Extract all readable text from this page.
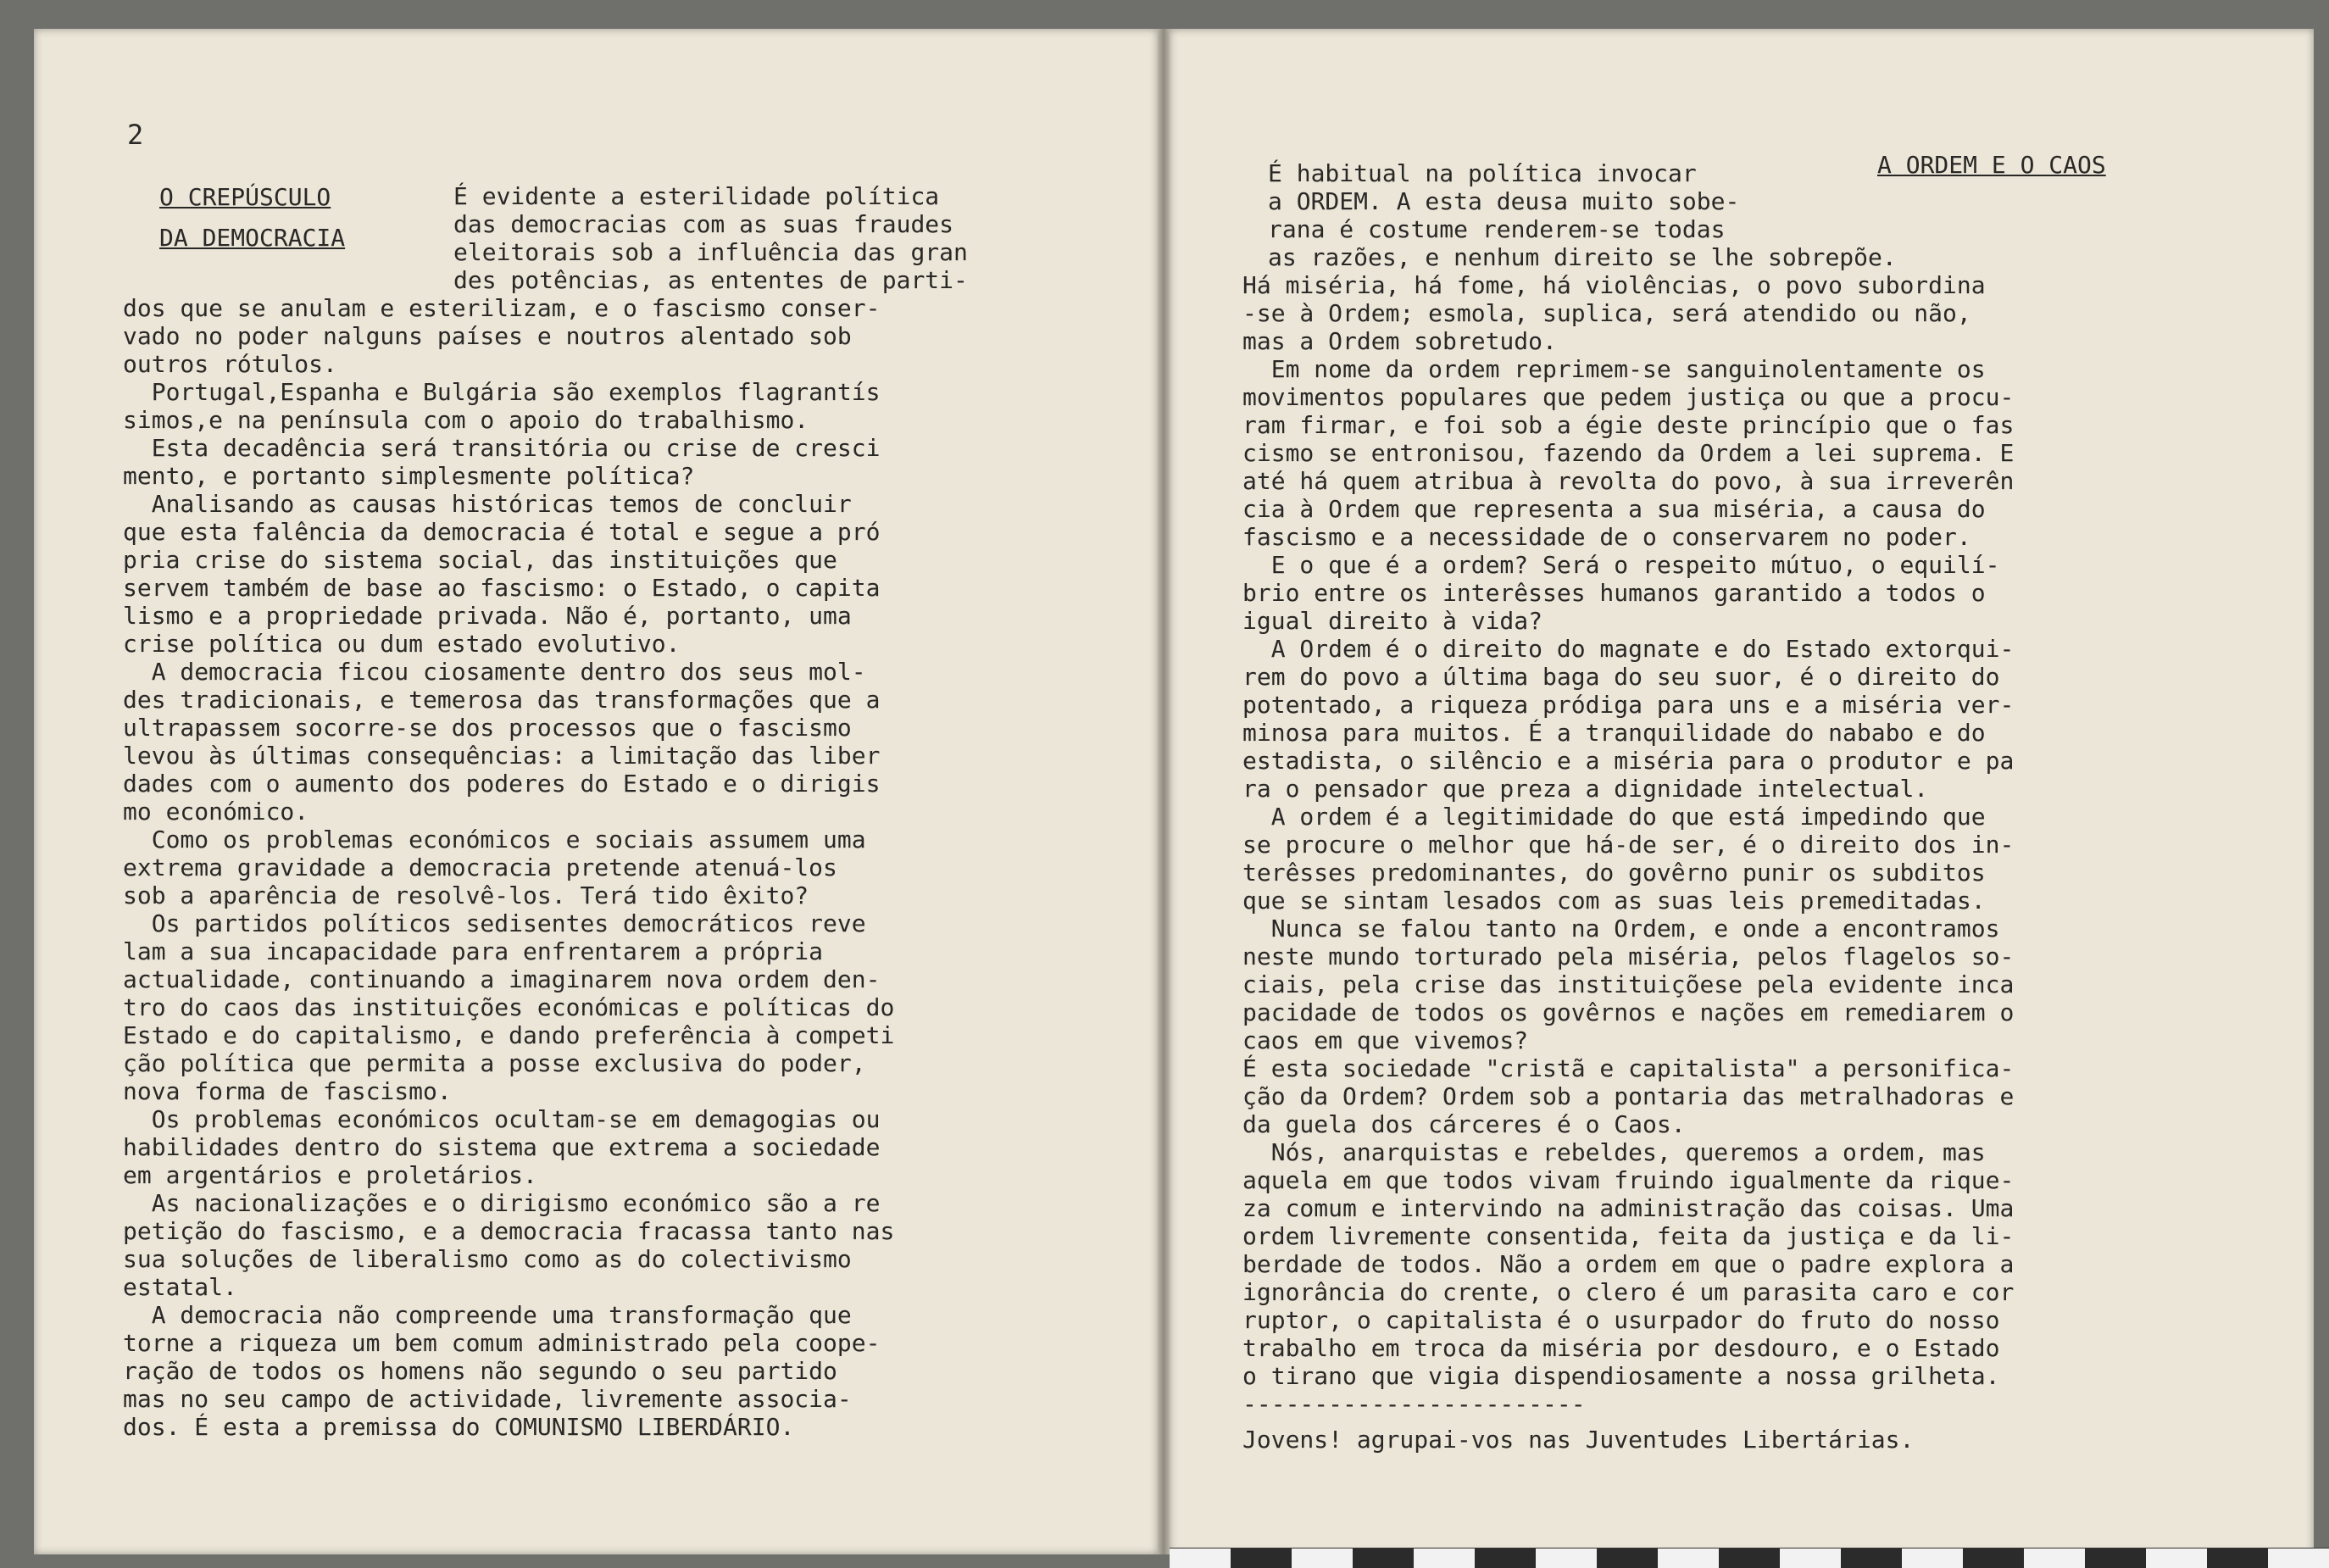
2
O CREPÚSCULO
DA DEMOCRACIA
É evidente a esterilidade política
das democracias com as suas fraudes
eleitorais sob a influência das gran
des potências, as ententes de parti-
dos que se anulam e esterilizam, e o fascismo conser-
vado no poder nalguns países e noutros alentado sob
outros rótulos.
Portugal,Espanha e Bulgária são exemplos flagrantís
simos,e na península com o apoio do trabalhismo.
Esta decadência será transitória ou crise de cresci
mento, e portanto simplesmente política?
Analisando as causas históricas temos de concluir
que esta falência da democracia é total e segue a pró
pria crise do sistema social, das instituições que
servem também de base ao fascismo: o Estado, o capita
lismo e a propriedade privada. Não é, portanto, uma
crise política ou dum estado evolutivo.
A democracia ficou ciosamente dentro dos seus mol-
des tradicionais, e temerosa das transformações que a
ultrapassem socorre-se dos processos que o fascismo
levou às últimas consequências: a limitação das liber
dades com o aumento dos poderes do Estado e o dirigis
mo económico.
Como os problemas económicos e sociais assumem uma
extrema gravidade a democracia pretende atenuá-los
sob a aparência de resolvê-los. Terá tido êxito?
Os partidos políticos sedisentes democráticos reve
lam a sua incapacidade para enfrentarem a própria
actualidade, continuando a imaginarem nova ordem den-
tro do caos das instituições económicas e políticas do
Estado e do capitalismo, e dando preferência à competi
ção política que permita a posse exclusiva do poder,
nova forma de fascismo.
Os problemas económicos ocultam-se em demagogias ou
habilidades dentro do sistema que extrema a sociedade
em argentários e proletários.
As nacionalizações e o dirigismo económico são a re
petição do fascismo, e a democracia fracassa tanto nas
sua soluções de liberalismo como as do colectivismo
estatal.
A democracia não compreende uma transformação que
torne a riqueza um bem comum administrado pela coope-
ração de todos os homens não segundo o seu partido
mas no seu campo de actividade, livremente associa-
dos. É esta a premissa do COMUNISMO LIBERDÁRIO.
A ORDEM E O CAOS
É habitual na política invocar
a ORDEM. A esta deusa muito sobe-
rana é costume renderem-se todas
as razões, e nenhum direito se lhe sobrepõe.
Há miséria, há fome, há violências, o povo subordina
-se à Ordem; esmola, suplica, será atendido ou não,
mas a Ordem sobretudo.
Em nome da ordem reprimem-se sanguinolentamente os
movimentos populares que pedem justiça ou que a procu-
ram firmar, e foi sob a égie deste princípio que o fas
cismo se entronisou, fazendo da Ordem a lei suprema. E
até há quem atribua à revolta do povo, à sua irreverên
cia à Ordem que representa a sua miséria, a causa do
fascismo e a necessidade de o conservarem no poder.
E o que é a ordem? Será o respeito mútuo, o equilí-
brio entre os interêsses humanos garantido a todos o
igual direito à vida?
A Ordem é o direito do magnate e do Estado extorqui-
rem do povo a última baga do seu suor, é o direito do
potentado, a riqueza pródiga para uns e a miséria ver-
minosa para muitos. É a tranquilidade do nababo e do
estadista, o silêncio e a miséria para o produtor e pa
ra o pensador que preza a dignidade intelectual.
A ordem é a legitimidade do que está impedindo que
se procure o melhor que há-de ser, é o direito dos in-
terêsses predominantes, do govêrno punir os subditos
que se sintam lesados com as suas leis premeditadas.
Nunca se falou tanto na Ordem, e onde a encontramos
neste mundo torturado pela miséria, pelos flagelos so-
ciais, pela crise das instituiçõese pela evidente inca
pacidade de todos os govêrnos e nações em remediarem o
caos em que vivemos?
É esta sociedade "cristã e capitalista" a personifica-
ção da Ordem? Ordem sob a pontaria das metralhadoras e
da guela dos cárceres é o Caos.
Nós, anarquistas e rebeldes, queremos a ordem, mas
aquela em que todos vivam fruindo igualmente da rique-
za comum e intervindo na administração das coisas. Uma
ordem livremente consentida, feita da justiça e da li-
berdade de todos. Não a ordem em que o padre explora a
ignorância do crente, o clero é um parasita caro e cor
ruptor, o capitalista é o usurpador do fruto do nosso
trabalho em troca da miséria por desdouro, e o Estado
o tirano que vigia dispendiosamente a nossa grilheta.
------------------------
Jovens! agrupai-vos nas Juventudes Libertárias.
